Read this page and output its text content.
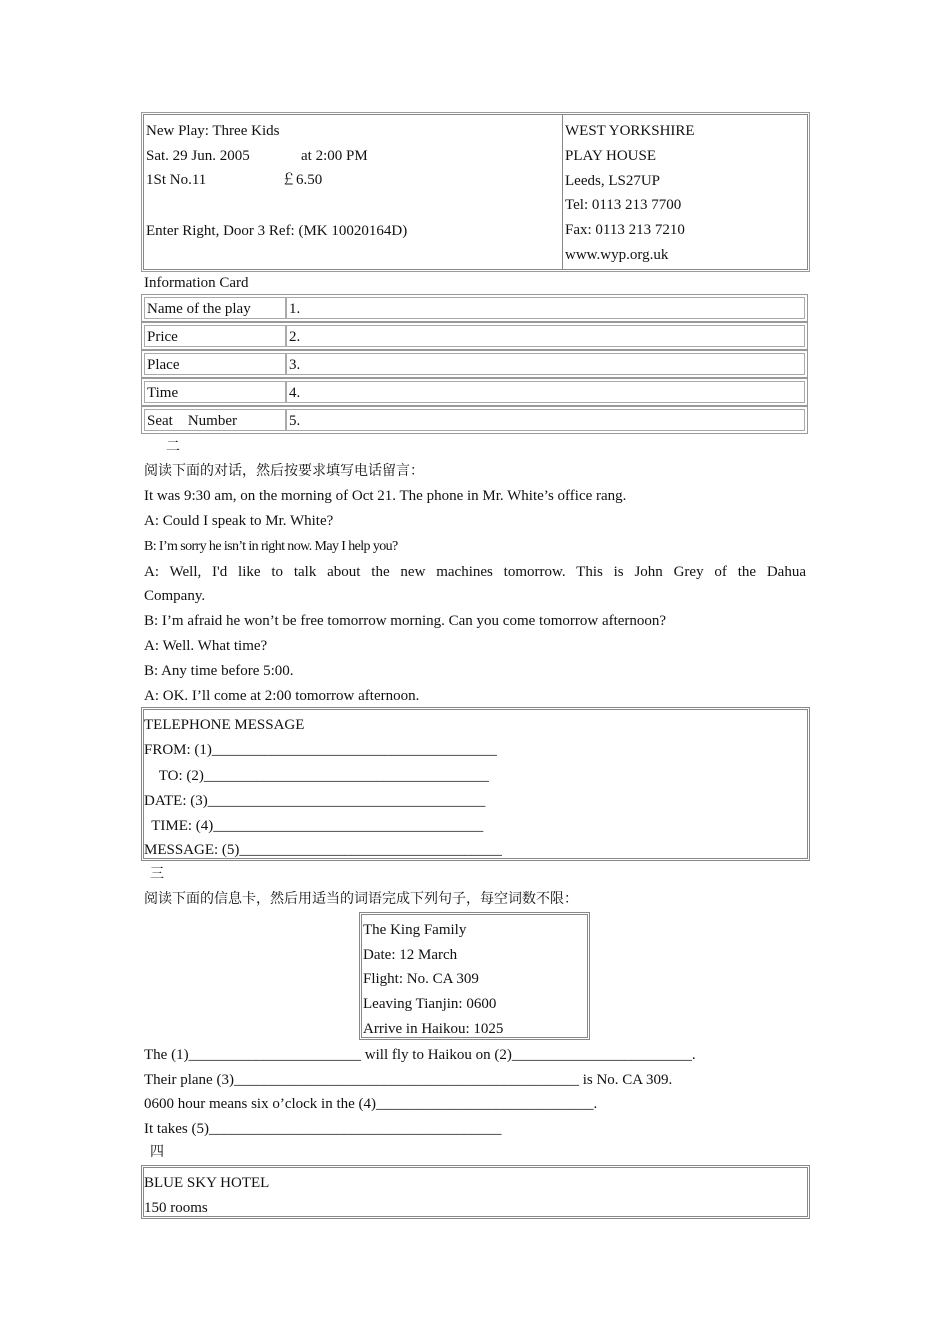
New Play: Three Kids
Sat. 29 Jun. 2005	at 2:00 PM
1St No.11	￡6.50
Enter Right, Door 3 Ref: (MK 10020164D)
WEST YORKSHIRE
PLAY HOUSE
Leeds, LS27UP
Tel: 0113 213 7700
Fax: 0113 213 7210
www.wyp.org.uk
Information Card
Name of the play	1.
Price	2.
Place	3.
Time	4.
Seat    Number	5.
二
阅读下面的对话，然后按要求填写电话留言：
It was 9:30 am, on the morning of Oct 21. The phone in Mr. White’s office rang.
A: Could I speak to Mr. White?
B: I’m sorry he isn’t in right now. May I help you?
A: Well, I'd like to talk about the new machines tomorrow. This is John Grey of the Dahua
Company.
B: I’m afraid he won’t be free tomorrow morning. Can you come tomorrow afternoon?
A: Well. What time?
B: Any time before 5:00.
A: OK. I’ll come at 2:00 tomorrow afternoon.
TELEPHONE MESSAGE
FROM: (1)______________________________________
TO: (2)______________________________________
DATE: (3)_____________________________________
TIME: (4)____________________________________
MESSAGE: (5)___________________________________
三
阅读下面的信息卡，然后用适当的词语完成下列句子，每空词数不限：
The King Family
Date: 12 March
Flight: No. CA 309
Leaving Tianjin: 0600
Arrive in Haikou: 1025
The (1)_______________________ will fly to Haikou on (2)________________________.
Their plane (3)______________________________________________ is No. CA 309.
0600 hour means six o’clock in the (4)_____________________________.
It takes (5)_______________________________________
四
BLUE SKY HOTEL
150 rooms
